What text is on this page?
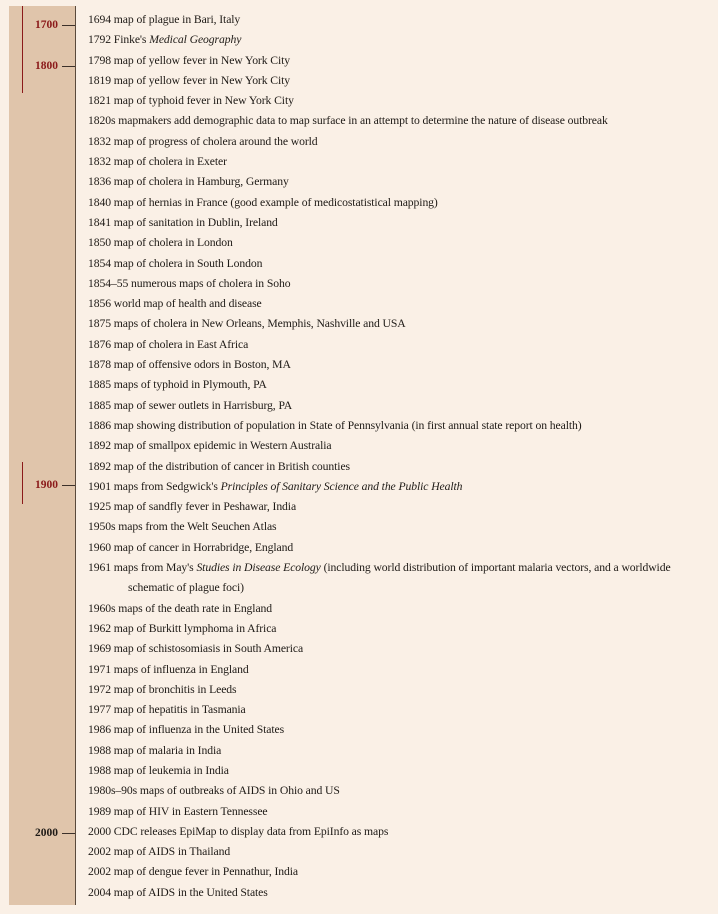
1700
1800
1900
2000
1694 map of plague in Bari, Italy
1792 Finke's Medical Geography
1798 map of yellow fever in New York City
1819 map of yellow fever in New York City
1821 map of typhoid fever in New York City
1820s mapmakers add demographic data to map surface in an attempt to determine the nature of disease outbreak
1832 map of progress of cholera around the world
1832 map of cholera in Exeter
1836 map of cholera in Hamburg, Germany
1840 map of hernias in France (good example of medicostatistical mapping)
1841 map of sanitation in Dublin, Ireland
1850 map of cholera in London
1854 map of cholera in South London
1854–55 numerous maps of cholera in Soho
1856 world map of health and disease
1875 maps of cholera in New Orleans, Memphis, Nashville and USA
1876 map of cholera in East Africa
1878 map of offensive odors in Boston, MA
1885 maps of typhoid in Plymouth, PA
1885 map of sewer outlets in Harrisburg, PA
1886 map showing distribution of population in State of Pennsylvania (in first annual state report on health)
1892 map of smallpox epidemic in Western Australia
1892 map of the distribution of cancer in British counties
1901 maps from Sedgwick's Principles of Sanitary Science and the Public Health
1925 map of sandfly fever in Peshawar, India
1950s maps from the Welt Seuchen Atlas
1960 map of cancer in Horrabridge, England
1961 maps from May's Studies in Disease Ecology (including world distribution of important malaria vectors, and a worldwide schematic of plague foci)
1960s maps of the death rate in England
1962 map of Burkitt lymphoma in Africa
1969 map of schistosomiasis in South America
1971 maps of influenza in England
1972 map of bronchitis in Leeds
1977 map of hepatitis in Tasmania
1986 map of influenza in the United States
1988 map of malaria in India
1988 map of leukemia in India
1980s–90s maps of outbreaks of AIDS in Ohio and US
1989 map of HIV in Eastern Tennessee
2000 CDC releases EpiMap to display data from EpiInfo as maps
2002 map of AIDS in Thailand
2002 map of dengue fever in Pennathur, India
2004 map of AIDS in the United States
